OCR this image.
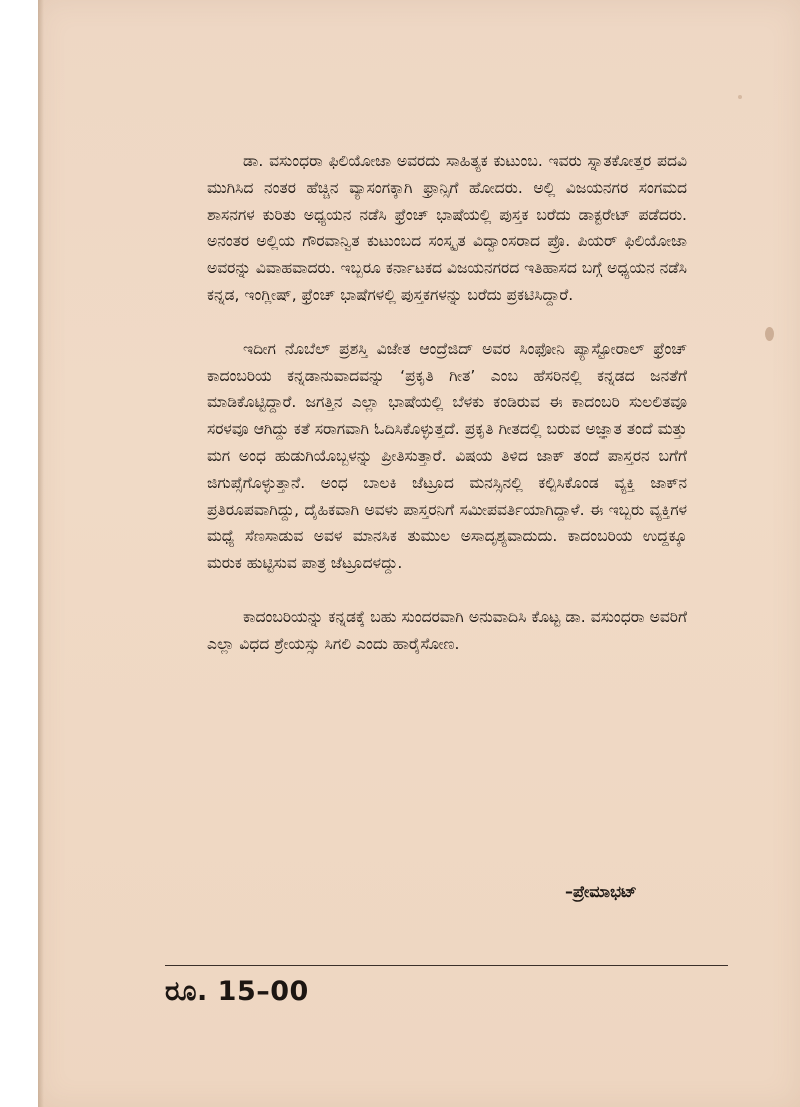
ಡಾ. ವಸುಂಧರಾ ಫಿಲಿಯೋಜಾ ಅವರದು ಸಾಹಿತ್ಯಕ ಕುಟುಂಬ. ಇವರು ಸ್ನಾತಕೋತ್ತರ ಪದವಿ ಮುಗಿಸಿದ ನಂತರ ಹೆಚ್ಚಿನ ವ್ಯಾಸಂಗಕ್ಕಾಗಿ ಫ್ರಾನ್ಸಿಗೆ ಹೋದರು. ಅಲ್ಲಿ ವಿಜಯನಗರ ಸಂಗಮದ ಶಾಸನಗಳ ಕುರಿತು ಅಧ್ಯಯನ ನಡೆಸಿ ಫ್ರೆಂಚ್ ಭಾಷೆಯಲ್ಲಿ ಪುಸ್ತಕ ಬರೆದು ಡಾಕ್ಟರೇಟ್ ಪಡೆದರು. ಅನಂತರ ಅಲ್ಲಿಯ ಗೌರವಾನ್ವಿತ ಕುಟುಂಬದ ಸಂಸ್ಕೃತ ವಿದ್ವಾಂಸರಾದ ಪ್ರೊ. ಪಿಯರ್ ಫಿಲಿಯೋಜಾ ಅವರನ್ನು ವಿವಾಹವಾದರು. ಇಬ್ಬರೂ ಕರ್ನಾಟಕದ ವಿಜಯನಗರದ ಇತಿಹಾಸದ ಬಗ್ಗೆ ಅಧ್ಯಯನ ನಡೆಸಿ ಕನ್ನಡ, ಇಂಗ್ಲೀಷ್, ಫ್ರೆಂಚ್ ಭಾಷೆಗಳಲ್ಲಿ ಪುಸ್ತಕಗಳನ್ನು ಬರೆದು ಪ್ರಕಟಿಸಿದ್ದಾರೆ.

ಇದೀಗ ನೊಬೆಲ್ ಪ್ರಶಸ್ತಿ ವಿಜೇತ ಆಂದ್ರೆಜಿದ್ ಅವರ ಸಿಂಫೋನಿ ಪ್ಯಾಸ್ಟೋರಾಲ್ ಫ್ರೆಂಚ್ ಕಾದಂಬರಿಯ ಕನ್ನಡಾನುವಾದವನ್ನು ‘ಪ್ರಕೃತಿ ಗೀತ’ ಎಂಬ ಹೆಸರಿನಲ್ಲಿ ಕನ್ನಡದ ಜನತೆಗೆ ಮಾಡಿಕೊಟ್ಟಿದ್ದಾರೆ. ಜಗತ್ತಿನ ಎಲ್ಲಾ ಭಾಷೆಯಲ್ಲಿ ಬೆಳಕು ಕಂಡಿರುವ ಈ ಕಾದಂಬರಿ ಸುಲಲಿತವೂ ಸರಳವೂ ಆಗಿದ್ದು ಕತೆ ಸರಾಗವಾಗಿ ಓದಿಸಿಕೊಳ್ಳುತ್ತದೆ. ಪ್ರಕೃತಿ ಗೀತದಲ್ಲಿ ಬರುವ ಅಜ್ಞಾತ ತಂದೆ ಮತ್ತು ಮಗ ಅಂಧ ಹುಡುಗಿಯೊಬ್ಬಳನ್ನು ಪ್ರೀತಿಸುತ್ತಾರೆ. ವಿಷಯ ತಿಳಿದ ಜಾಕ್ ತಂದೆ ಪಾಸ್ತರನ ಬಗೆಗೆ ಜಿಗುಪ್ಸೆಗೊಳ್ಳುತ್ತಾನೆ. ಅಂಧ ಬಾಲಕಿ ಜೆಟ್ರೂದ ಮನಸ್ಸಿನಲ್ಲಿ ಕಲ್ಪಿಸಿಕೊಂಡ ವ್ಯಕ್ತಿ ಜಾಕ್‌ನ ಪ್ರತಿರೂಪವಾಗಿದ್ದು, ದೈಹಿಕವಾಗಿ ಅವಳು ಪಾಸ್ತರನಿಗೆ ಸಮೀಪವರ್ತಿಯಾಗಿದ್ದಾಳೆ. ಈ ಇಬ್ಬರು ವ್ಯಕ್ತಿಗಳ ಮಧ್ಯೆ ಸೆಣಸಾಡುವ ಅವಳ ಮಾನಸಿಕ ತುಮುಲ ಅಸಾದೃಶ್ಯವಾದುದು. ಕಾದಂಬರಿಯ ಉದ್ದಕ್ಕೂ ಮರುಕ ಹುಟ್ಟಿಸುವ ಪಾತ್ರ ಜೆಟ್ರೂದಳದ್ದು.

ಕಾದಂಬರಿಯನ್ನು ಕನ್ನಡಕ್ಕೆ ಬಹು ಸುಂದರವಾಗಿ ಅನುವಾದಿಸಿ ಕೊಟ್ಟ ಡಾ. ವಸುಂಧರಾ ಅವರಿಗೆ ಎಲ್ಲಾ ವಿಧದ ಶ್ರೇಯಸ್ಸು ಸಿಗಲಿ ಎಂದು ಹಾರೈಸೋಣ.

–ಪ್ರೇಮಾಭಟ್
ರೂ. 15–00
